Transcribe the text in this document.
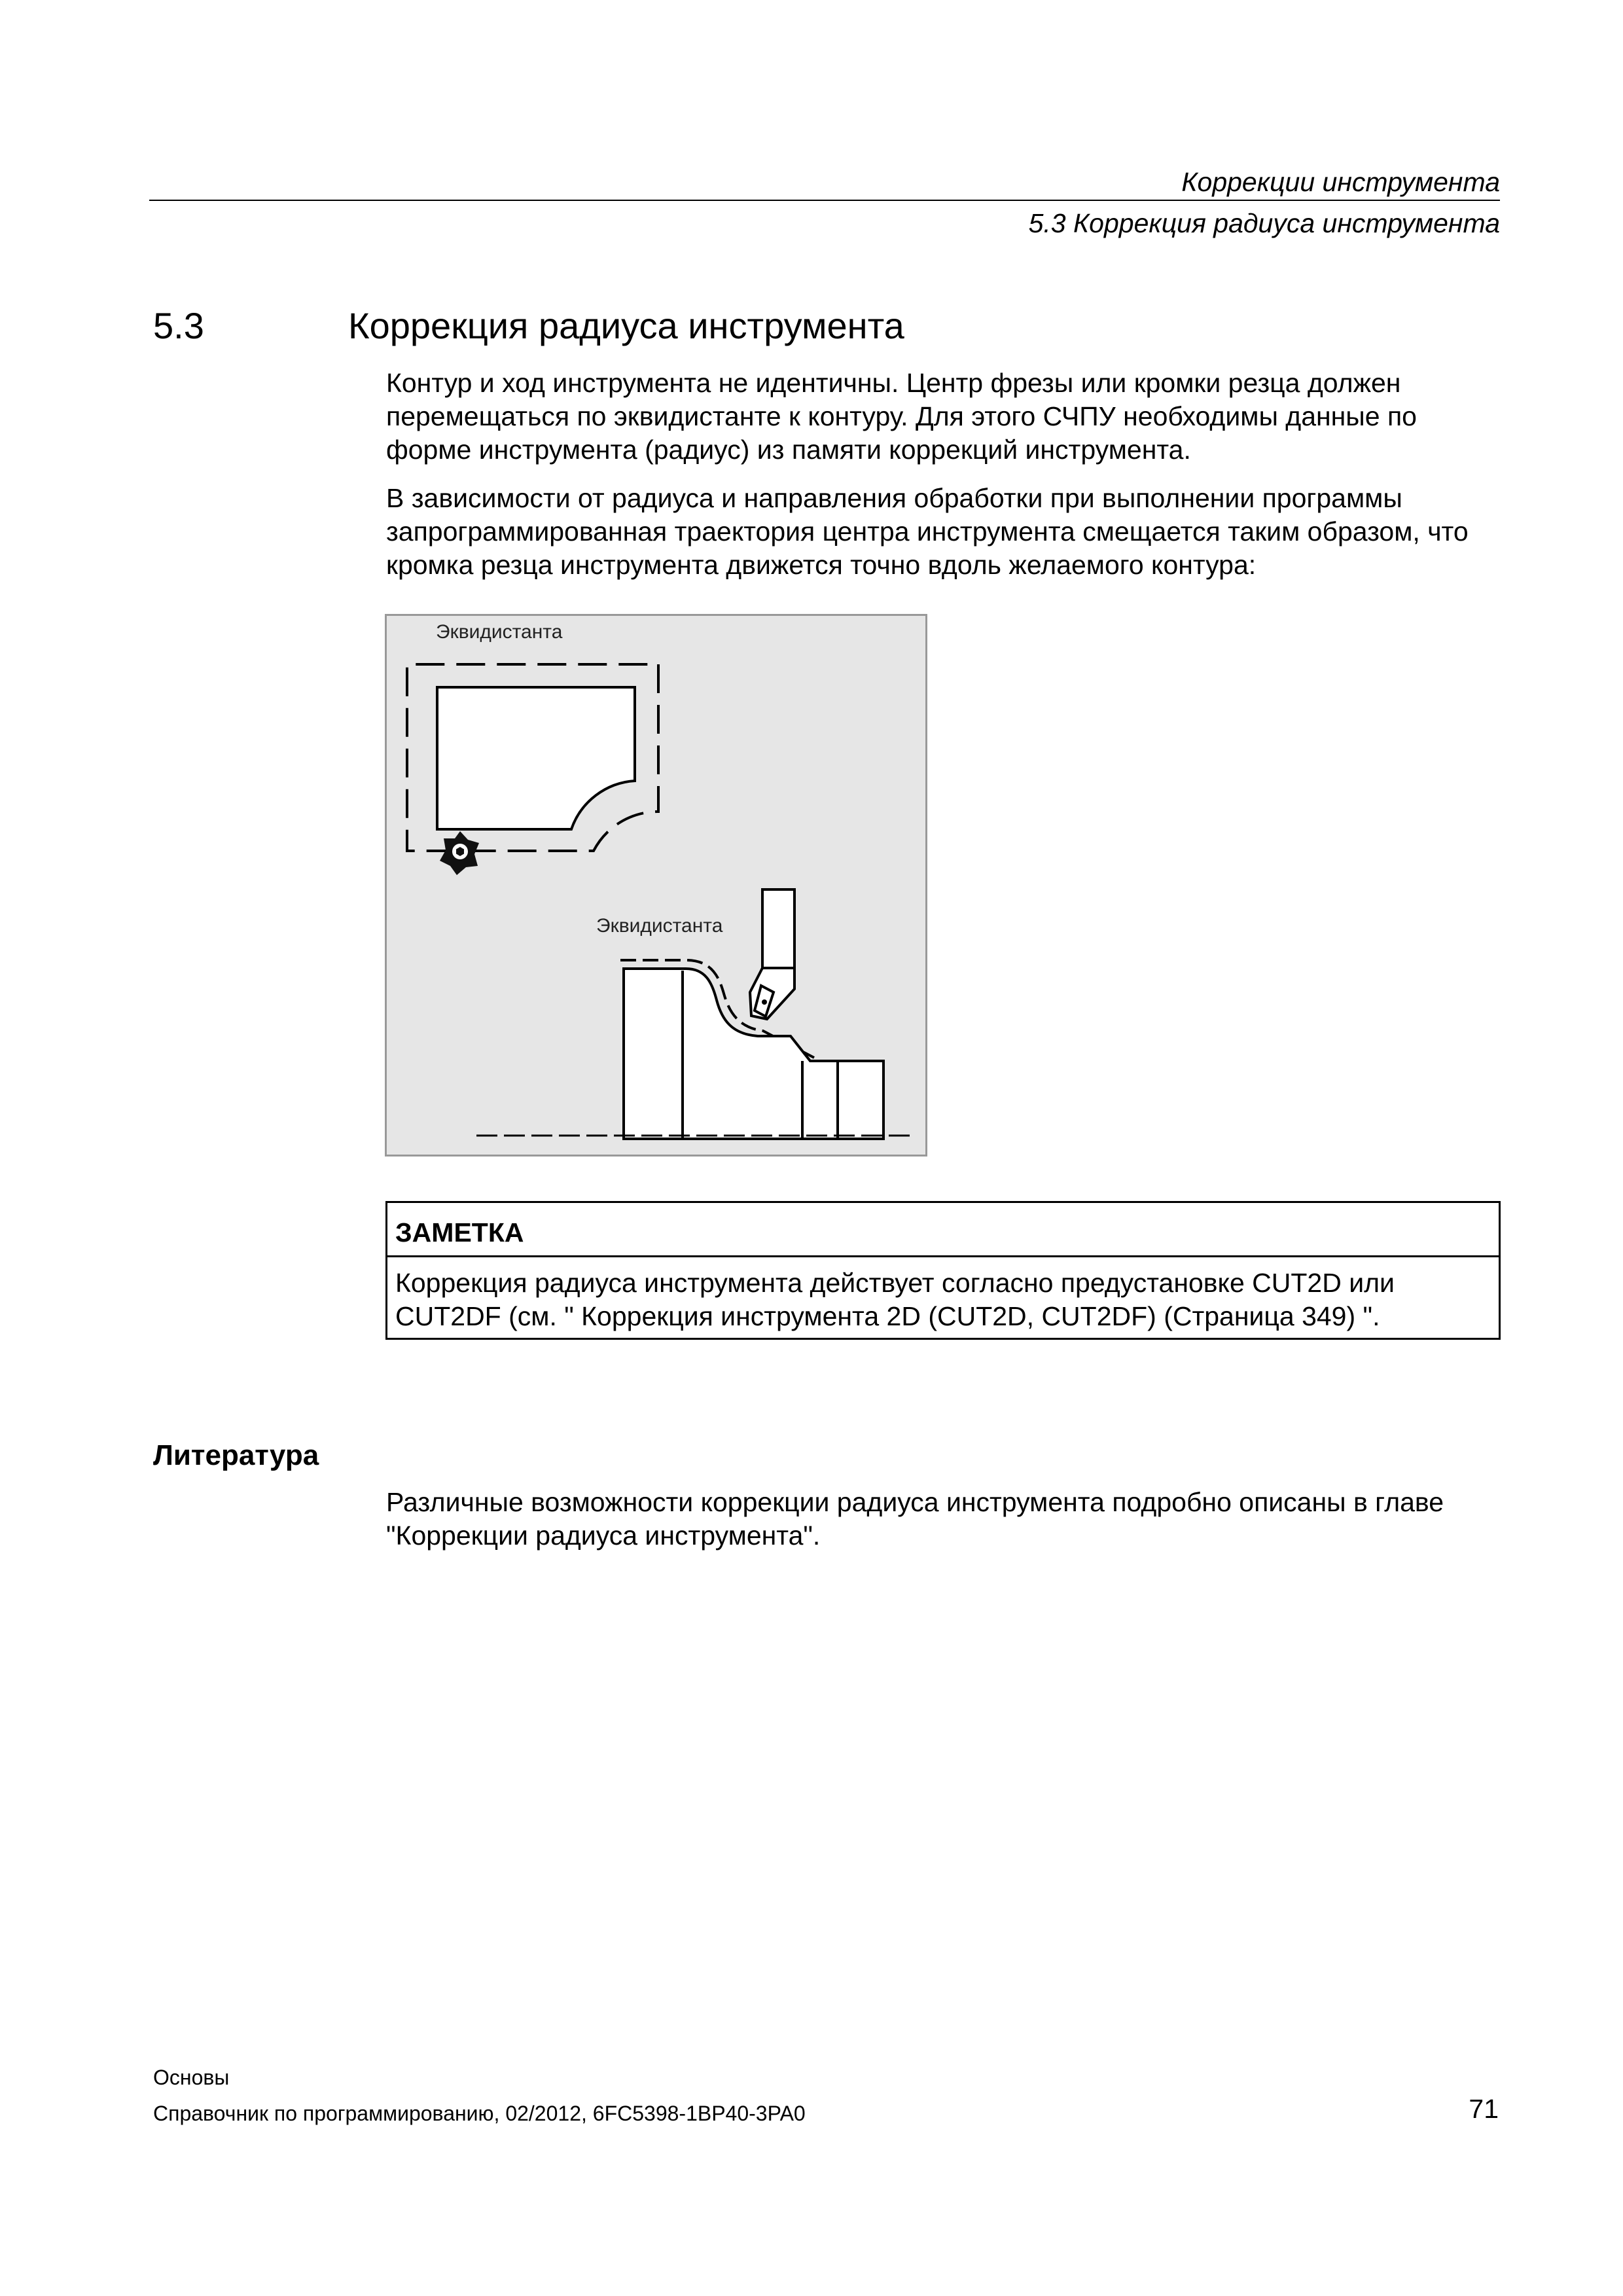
Коррекции инструмента
5.3 Коррекция радиуса инструмента
5.3	Коррекция радиуса инструмента

Контур и ход инструмента не идентичны. Центр фрезы или кромки резца должен перемещаться по эквидистанте к контуру. Для этого СЧПУ необходимы данные по форме инструмента (радиус) из памяти коррекций инструмента.

В зависимости от радиуса и направления обработки при выполнении программы запрограммированная траектория центра инструмента смещается таким образом, что кромка резца инструмента движется точно вдоль желаемого контура:

Эквидистанта
Эквидистанта
ЗАМЕТКА
Коррекция радиуса инструмента действует согласно предустановке CUT2D или CUT2DF (см. " Коррекция инструмента 2D (CUT2D, CUT2DF) (Страница 349) ".
Литература

Различные возможности коррекции радиуса инструмента подробно описаны в главе "Коррекции радиуса инструмента".

Основы
Справочник по программированию, 02/2012, 6FC5398-1BP40-3PA0	71
